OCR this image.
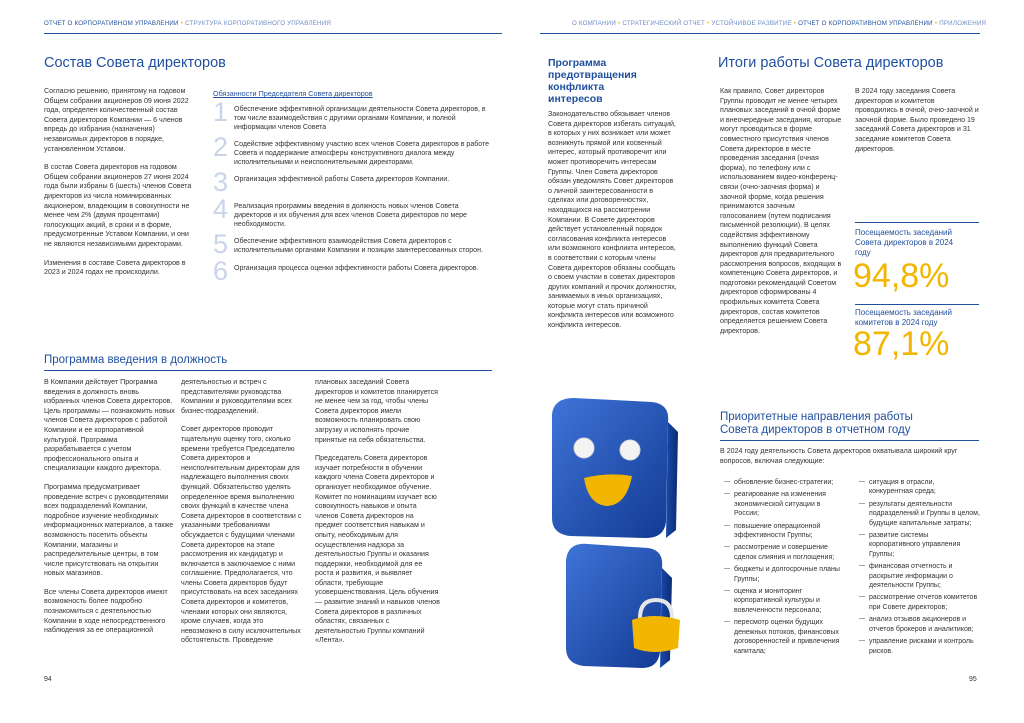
ОТЧЕТ О КОРПОРАТИВНОМ УПРАВЛЕНИИ • СТРУКТУРА КОРПОРАТИВНОГО УПРАВЛЕНИЯ	О КОМПАНИИ • СТРАТЕГИЧЕСКИЙ ОТЧЕТ • УСТОЙЧИВОЕ РАЗВИТИЕ • ОТЧЕТ О КОРПОРАТИВНОМ УПРАВЛЕНИИ • ПРИЛОЖЕНИЯ
Состав Совета директоров

Согласно решению, принятому на годовом Общем собрании акционеров 09 июня 2022 года, определен количественный состав Совета директоров Компании — 6 членов впредь до избрания (назначения) независимых директоров в порядке, установленном Уставом.

В состав Совета директоров на годовом Общем собрании акционеров 27 июня 2024 года были избраны 6 (шесть) членов Совета директоров из числа номинированных акционером, владеющим в совокупности не менее чем 2% (двумя процентами) голосующих акций, в сроки и в форме, предусмотренные Уставом Компании, и они не являются независимыми директорами.

Изменения в составе Совета директоров в 2023 и 2024 годах не происходили.

Обязанности Председателя Совета директоров
1 Обеспечение эффективной организации деятельности Совета директоров, в том числе взаимодействия с другими органами Компании, и полной информации членов Совета
2 Содействие эффективному участию всех членов Совета директоров в работе Совета и поддержание атмосферы конструктивного диалога между исполнительными и неисполнительными директорами.
3 Организация эффективной работы Совета директоров Компании.
4 Реализация программы введения в должность новых членов Совета директоров и их обучения для всех членов Совета директоров по мере необходимости.
5 Обеспечение эффективного взаимодействия Совета директоров с исполнительными органами Компании и позиции заинтересованных сторон.
6 Организация процесса оценки эффективности работы Совета директоров.
Программа введения в должность

В Компании действует Программа введения в должность вновь избранных членов Совета директоров. Цель программы — познакомить новых членов Совета директоров с работой Компании и ее корпоративной культурой. Программа разрабатывается с учетом профессионального опыта и специализации каждого директора.

Программа предусматривает проведение встреч с руководителями всех подразделений Компании, подробное изучение необходимых информационных материалов, а также возможность посетить объекты Компании, магазины и распределительные центры, в том числе присутствовать на открытии новых магазинов.

Все члены Совета директоров имеют возможность более подробно познакомиться с деятельностью Компании в ходе непосредственного наблюдения за ее операционной

деятельностью и встреч с представителями руководства Компании и руководителями всех бизнес-подразделений.

Совет директоров проводит тщательную оценку того, сколько времени требуется Председателю Совета директоров и неисполнительным директорам для надлежащего выполнения своих функций. Обязательство уделять определенное время выполнению своих функций в качестве члена Совета директоров в соответствии с указанными требованиями обсуждается с будущими членами Совета директоров на этапе рассмотрения их кандидатур и включается в заключаемое с ними соглашение. Предполагается, что члены Совета директоров будут присутствовать на всех заседаниях Совета директоров и комитетов, членами которых они являются, кроме случаев, когда это невозможно в силу исключительных обстоятельств. Проведение

плановых заседаний Совета директоров и комитетов планируется не менее чем за год, чтобы члены Совета директоров имели возможность планировать свою загрузку и исполнять прочие принятые на себя обязательства.

Председатель Совета директоров изучает потребности в обучении каждого члена Совета директоров и организует необходимое обучение. Комитет по номинациям изучает всю совокупность навыков и опыта членов Совета директоров на предмет соответствия навыкам и опыту, необходимым для осуществления надзора за деятельностью Группы и оказания поддержки, необходимой для ее роста и развития, и выявляет области, требующие усовершенствования. Цель обучения — развитие знаний и навыков членов Совета директоров в различных областях, связанных с деятельностью Группы компаний «Лента».

94
Программа предотвращения конфликта интересов
Законодательство обязывает членов Совета директоров избегать ситуаций, в которых у них возникает или может возникнуть прямой или косвенный интерес, который противоречит или может противоречить интересам Группы. Член Совета директоров обязан уведомлять Совет директоров о личной заинтересованности в сделках или договоренностях, находящихся на рассмотрении Компании. В Совете директоров действует установленный порядок согласования конфликта интересов или возможного конфликта интересов, в соответствии с которым члены Совета директоров обязаны сообщать о своем участии в советах директоров других компаний и прочих должностях, занимаемых в иных организациях, которые могут стать причиной конфликта интересов или возможного конфликта интересов.
Итоги работы Совета директоров
Как правило, Совет директоров Группы проводит не менее четырех плановых заседаний в очной форме и внеочередные заседания, которые могут проводиться в форме совместного присутствия членов Совета директоров в месте проведения заседания (очная форма), по телефону или с использованием видео-конференц-связи (очно-заочная форма) и заочной форме, когда решения принимаются заочным голосованием (путем подписания письменной резолюции). В целях содействия эффективному выполнению функций Совета директоров для предварительного рассмотрения вопросов, входящих в компетенцию Совета директоров, и подготовки рекомендаций Советом директоров сформированы 4 профильных комитета Совета директоров, состав комитетов определяется решением Совета директоров.
В 2024 году заседания Совета директоров и комитетов проводились в очной, очно-заочной и заочной форме. Было проведено 19 заседаний Совета директоров и 31 заседание комитетов Совета директоров.
Посещаемость заседаний Совета директоров в 2024 году
94,8%
Посещаемость заседаний комитетов в 2024 году
87,1%
Приоритетные направления работы Совета директоров в отчетном году
В 2024 году деятельность Совета директоров охватывала широкий круг вопросов, включая следующие:
— обновление бизнес-стратегии;
— реагирование на изменения экономической ситуации в России;
— повышение операционной эффективности Группы;
— рассмотрение и совершение сделок слияния и поглощения;
— бюджеты и долгосрочные планы Группы;
— оценка и мониторинг корпоративной культуры и вовлеченности персонала;
— пересмотр оценки будущих денежных потоков, финансовых договоренностей и привлечения капитала;
— ситуация в отрасли, конкурентная среда;
— результаты деятельности подразделений и Группы в целом, будущие капитальные затраты;
— развитие системы корпоративного управления Группы;
— финансовая отчетность и раскрытие информации о деятельности Группы;
— рассмотрение отчетов комитетов при Совете директоров;
— анализ отзывов акционеров и отчетов брокеров и аналитиков;
— управление рисками и контроль рисков.
95
